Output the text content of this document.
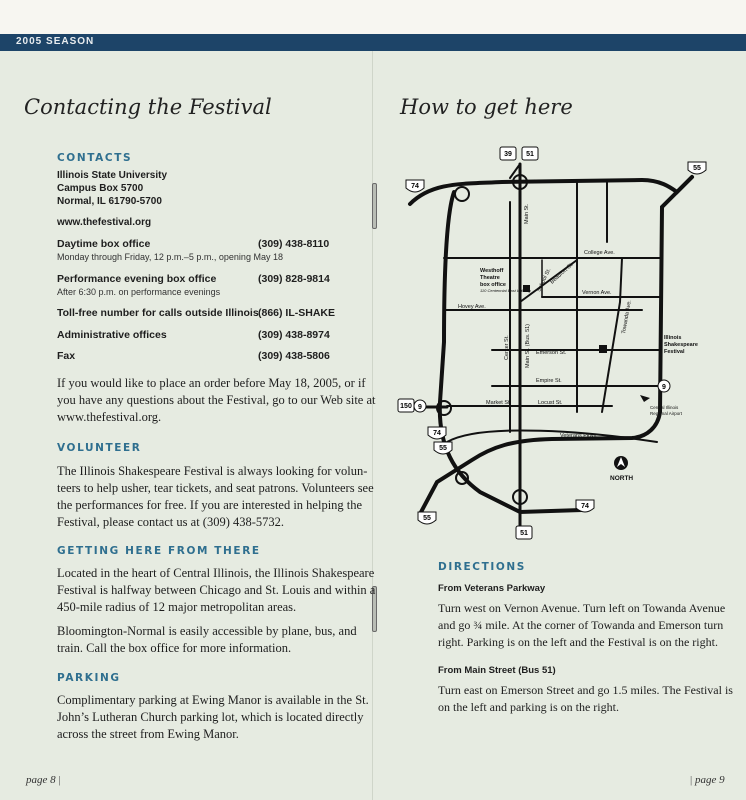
2005 SEASON
Contacting the Festival
CONTACTS
Illinois State University
Campus Box 5700
Normal, IL 61790-5700
www.thefestival.org
Daytime box office	(309) 438-8110
Monday through Friday, 12 p.m.–5 p.m., opening May 18
Performance evening box office	(309) 828-9814
After 6:30 p.m. on performance evenings
Toll-free number for calls outside Illinois (866) IL-SHAKE
Administrative offices	(309) 438-8974
Fax	(309) 438-5806
If you would like to place an order before May 18, 2005, or if
you have any questions about the Festival, go to our Web site at
www.thefestival.org.
VOLUNTEER
The Illinois Shakespeare Festival is always looking for volun-
teers to help usher, tear tickets, and seat patrons. Volunteers see
the performances for free. If you are interested in helping the
Festival, please contact us at (309) 438-5732.
GETTING HERE FROM THERE
Located in the heart of Central Illinois, the Illinois Shakespeare
Festival is halfway between Chicago and St. Louis and within a
450-mile radius of 12 major metropolitan areas.
Bloomington-Normal is easily accessible by plane, bus, and
train. Call the box office for more information.
PARKING
Complimentary parking at Ewing Manor is available in the St.
John’s Lutheran Church parking lot, which is located directly
across the street from Ewing Manor.
page 8 |
How to get here
74
39 51
55
150 9
9
74
55
55
51
74
Main St.
College Ave.
Vernon Ave.
Hovey Ave.
School St.
Beaufort St.
Center St.	Main St. (Bus. 51) Emerson St.
Towanda Ave.
Empire St.
Market St.	Locust St.
Veterans Pkwy.
Westhoff
Theatre
box office
110 Centennial East building
Illinois
Shakespeare
Festival
Central Illinois
Regional Airport
NORTH
DIRECTIONS
From Veterans Parkway
Turn west on Vernon Avenue. Turn left on Towanda Avenue
and go ¾ mile. At the corner of Towanda and Emerson turn
right. Parking is on the left and the Festival is on the right.
From Main Street (Bus 51)
Turn east on Emerson Street and go 1.5 miles. The Festival is
on the left and parking is on the right.
| page 9
